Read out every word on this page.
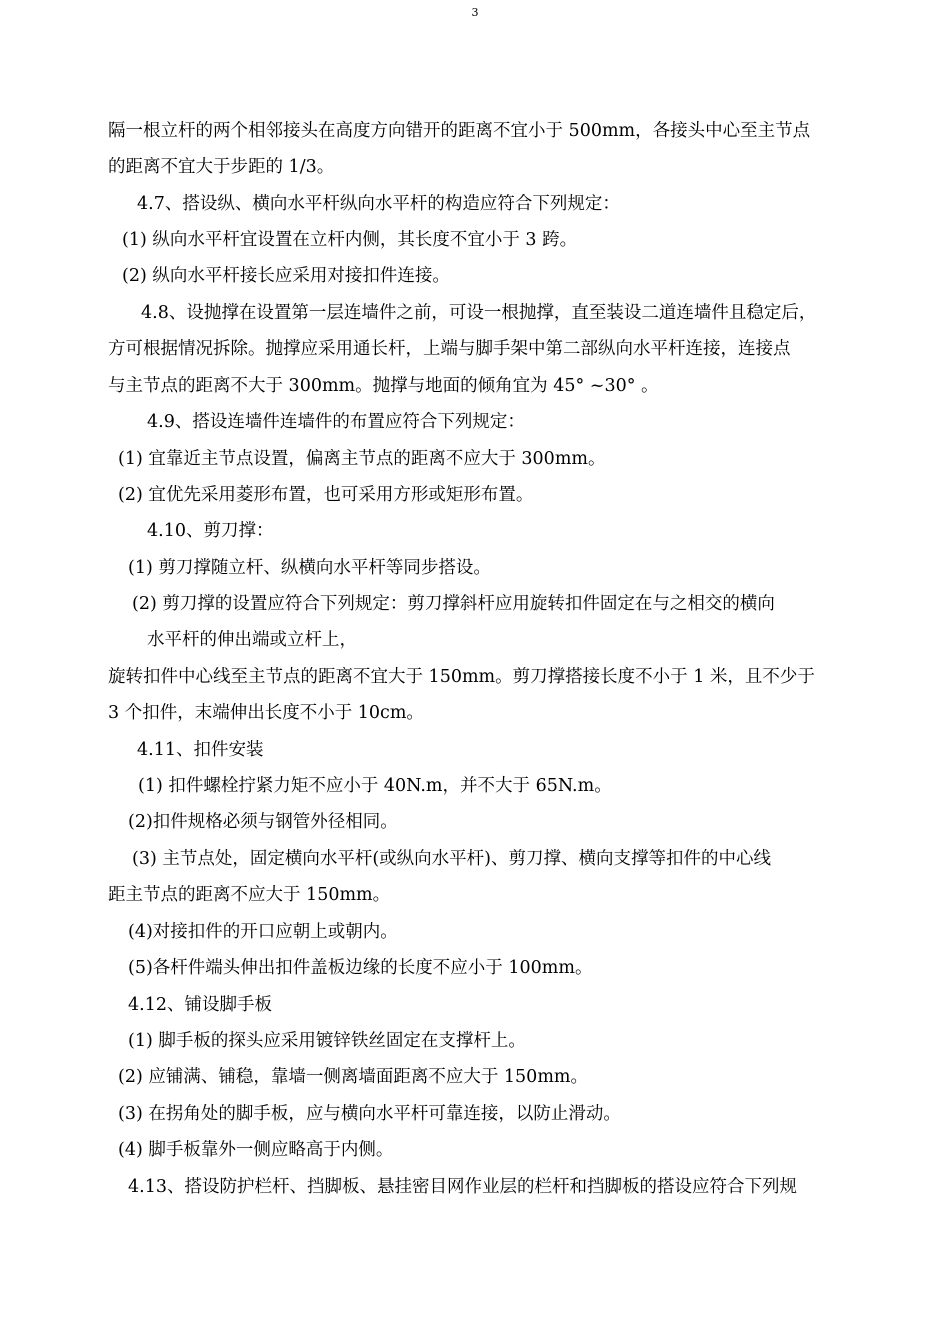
3
隔一根立杆的两个相邻接头在高度方向错开的距离不宜小于 500mm，各接头中心至主节点
的距离不宜大于步距的 1/3。
4.7、搭设纵、横向水平杆纵向水平杆的构造应符合下列规定：
(1) 纵向水平杆宜设置在立杆内侧，其长度不宜小于 3 跨。
(2) 纵向水平杆接长应采用对接扣件连接。
4.8、设抛撑在设置第一层连墙件之前，可设一根抛撑，直至装设二道连墙件且稳定后，
方可根据情况拆除。抛撑应采用通长杆，上端与脚手架中第二部纵向水平杆连接，连接点
与主节点的距离不大于 300mm。抛撑与地面的倾角宜为 45° ~30° 。
4.9、搭设连墙件连墙件的布置应符合下列规定：
(1) 宜靠近主节点设置，偏离主节点的距离不应大于 300mm。
(2) 宜优先采用菱形布置，也可采用方形或矩形布置。
4.10、剪刀撑：
(1) 剪刀撑随立杆、纵横向水平杆等同步搭设。
(2) 剪刀撑的设置应符合下列规定：剪刀撑斜杆应用旋转扣件固定在与之相交的横向
水平杆的伸出端或立杆上，
旋转扣件中心线至主节点的距离不宜大于 150mm。剪刀撑搭接长度不小于 1 米，且不少于
3 个扣件，末端伸出长度不小于 10cm。
4.11、扣件安装
(1) 扣件螺栓拧紧力矩不应小于 40N.m，并不大于 65N.m。
(2)扣件规格必须与钢管外径相同。
(3) 主节点处，固定横向水平杆(或纵向水平杆)、剪刀撑、横向支撑等扣件的中心线
距主节点的距离不应大于 150mm。
(4)对接扣件的开口应朝上或朝内。
(5)各杆件端头伸出扣件盖板边缘的长度不应小于 100mm。
4.12、铺设脚手板
(1) 脚手板的探头应采用镀锌铁丝固定在支撑杆上。
(2) 应铺满、铺稳，靠墙一侧离墙面距离不应大于 150mm。
(3) 在拐角处的脚手板，应与横向水平杆可靠连接，以防止滑动。
(4) 脚手板靠外一侧应略高于内侧。
4.13、搭设防护栏杆、挡脚板、悬挂密目网作业层的栏杆和挡脚板的搭设应符合下列规
